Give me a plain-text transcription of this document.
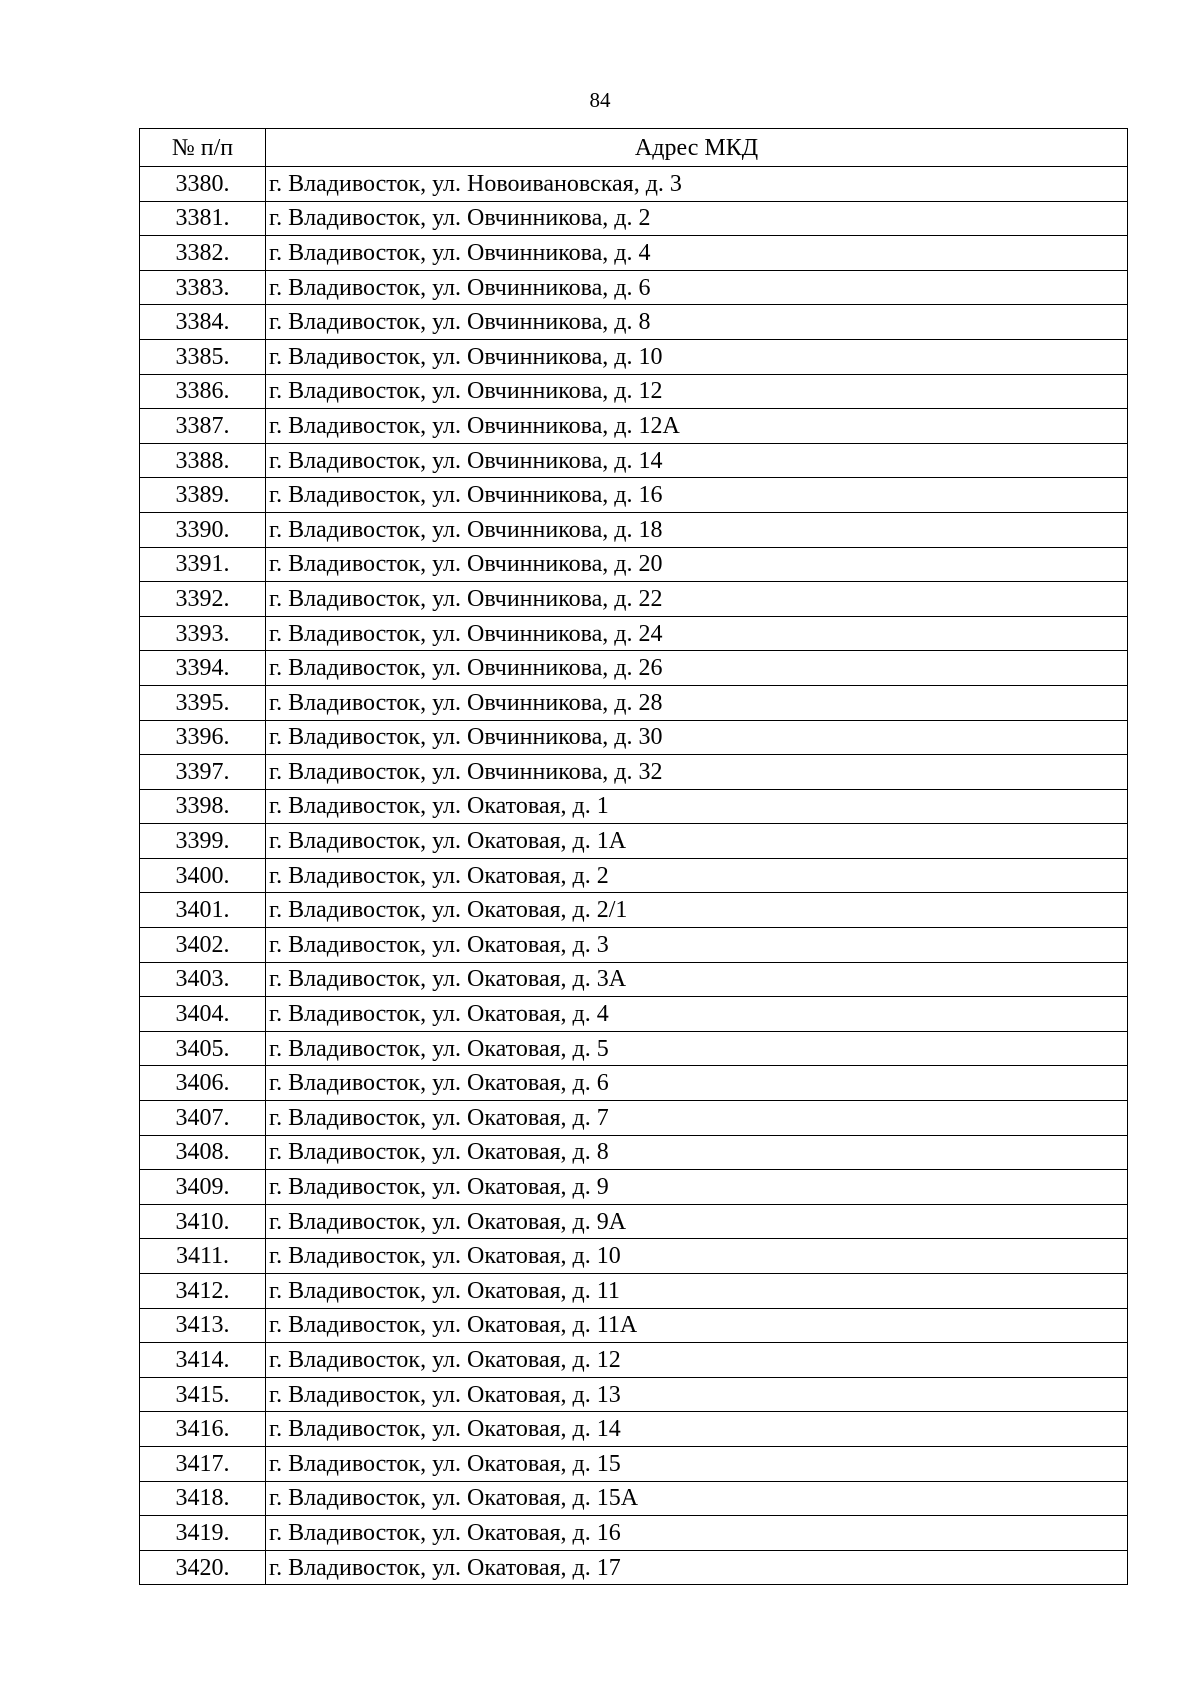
84
№ п/п	Адрес МКД
3380.	г. Владивосток, ул. Новоивановская, д. 3
3381.	г. Владивосток, ул. Овчинникова, д. 2
3382.	г. Владивосток, ул. Овчинникова, д. 4
3383.	г. Владивосток, ул. Овчинникова, д. 6
3384.	г. Владивосток, ул. Овчинникова, д. 8
3385.	г. Владивосток, ул. Овчинникова, д. 10
3386.	г. Владивосток, ул. Овчинникова, д. 12
3387.	г. Владивосток, ул. Овчинникова, д. 12А
3388.	г. Владивосток, ул. Овчинникова, д. 14
3389.	г. Владивосток, ул. Овчинникова, д. 16
3390.	г. Владивосток, ул. Овчинникова, д. 18
3391.	г. Владивосток, ул. Овчинникова, д. 20
3392.	г. Владивосток, ул. Овчинникова, д. 22
3393.	г. Владивосток, ул. Овчинникова, д. 24
3394.	г. Владивосток, ул. Овчинникова, д. 26
3395.	г. Владивосток, ул. Овчинникова, д. 28
3396.	г. Владивосток, ул. Овчинникова, д. 30
3397.	г. Владивосток, ул. Овчинникова, д. 32
3398.	г. Владивосток, ул. Окатовая, д. 1
3399.	г. Владивосток, ул. Окатовая, д. 1А
3400.	г. Владивосток, ул. Окатовая, д. 2
3401.	г. Владивосток, ул. Окатовая, д. 2/1
3402.	г. Владивосток, ул. Окатовая, д. 3
3403.	г. Владивосток, ул. Окатовая, д. 3А
3404.	г. Владивосток, ул. Окатовая, д. 4
3405.	г. Владивосток, ул. Окатовая, д. 5
3406.	г. Владивосток, ул. Окатовая, д. 6
3407.	г. Владивосток, ул. Окатовая, д. 7
3408.	г. Владивосток, ул. Окатовая, д. 8
3409.	г. Владивосток, ул. Окатовая, д. 9
3410.	г. Владивосток, ул. Окатовая, д. 9А
3411.	г. Владивосток, ул. Окатовая, д. 10
3412.	г. Владивосток, ул. Окатовая, д. 11
3413.	г. Владивосток, ул. Окатовая, д. 11А
3414.	г. Владивосток, ул. Окатовая, д. 12
3415.	г. Владивосток, ул. Окатовая, д. 13
3416.	г. Владивосток, ул. Окатовая, д. 14
3417.	г. Владивосток, ул. Окатовая, д. 15
3418.	г. Владивосток, ул. Окатовая, д. 15А
3419.	г. Владивосток, ул. Окатовая, д. 16
3420.	г. Владивосток, ул. Окатовая, д. 17
